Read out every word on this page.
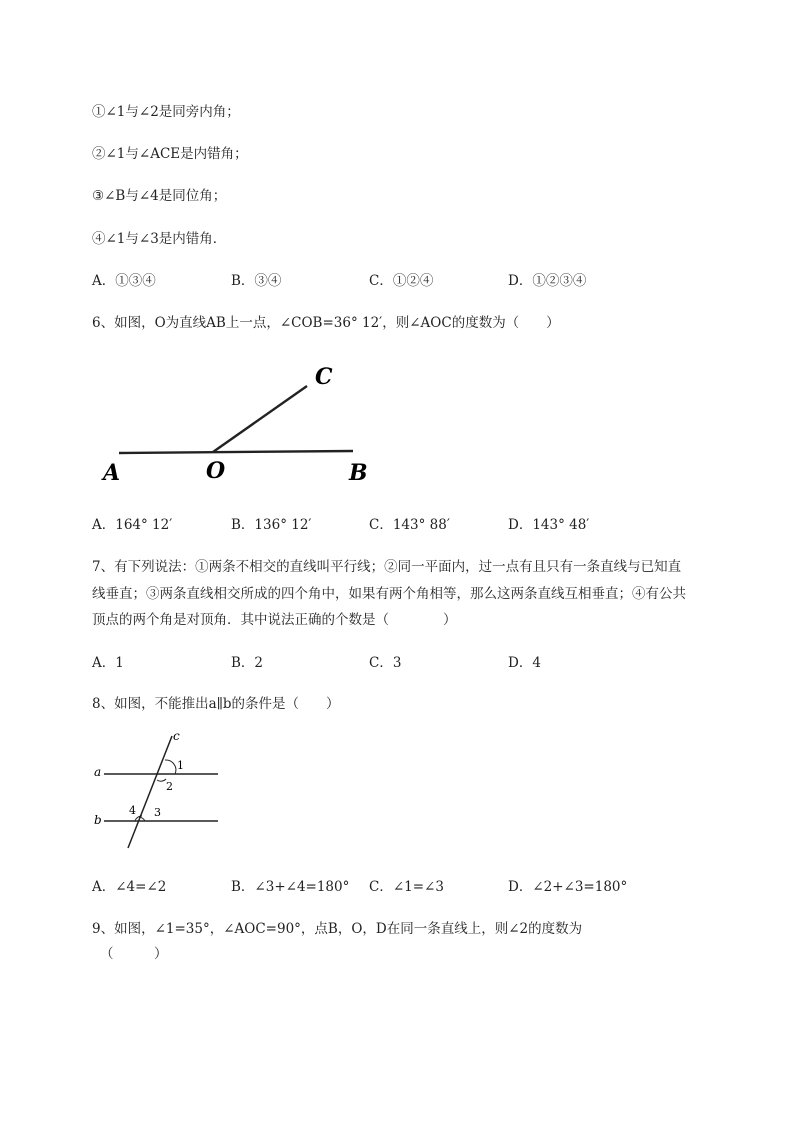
①∠1与∠2是同旁内角；
②∠1与∠ACE是内错角；
③∠B与∠4是同位角；
④∠1与∠3是内错角．
A．①③④	B．③④	C．①②④	D．①②③④
6、如图，O为直线AB上一点，∠COB=36° 12′，则∠AOC的度数为（　　）
A	O	B
C
A．164° 12′	B．136° 12′	C．143° 88′	D．143° 48′
7、有下列说法：①两条不相交的直线叫平行线；②同一平面内，过一点有且只有一条直线与已知直
线垂直；③两条直线相交所成的四个角中，如果有两个角相等，那么这两条直线互相垂直；④有公共
顶点的两个角是对顶角．其中说法正确的个数是（　　　　）
A．1	B．2	C．3	D．4
8、如图，不能推出a∥b的条件是（　　）
a
b
c
1
2
3
4
A．∠4=∠2	B．∠3+∠4=180° C．∠1=∠3	D．∠2+∠3=180°
9、如图，∠1=35°，∠AOC=90°，点B，O，D在同一条直线上，则∠2的度数为
（　　　）
